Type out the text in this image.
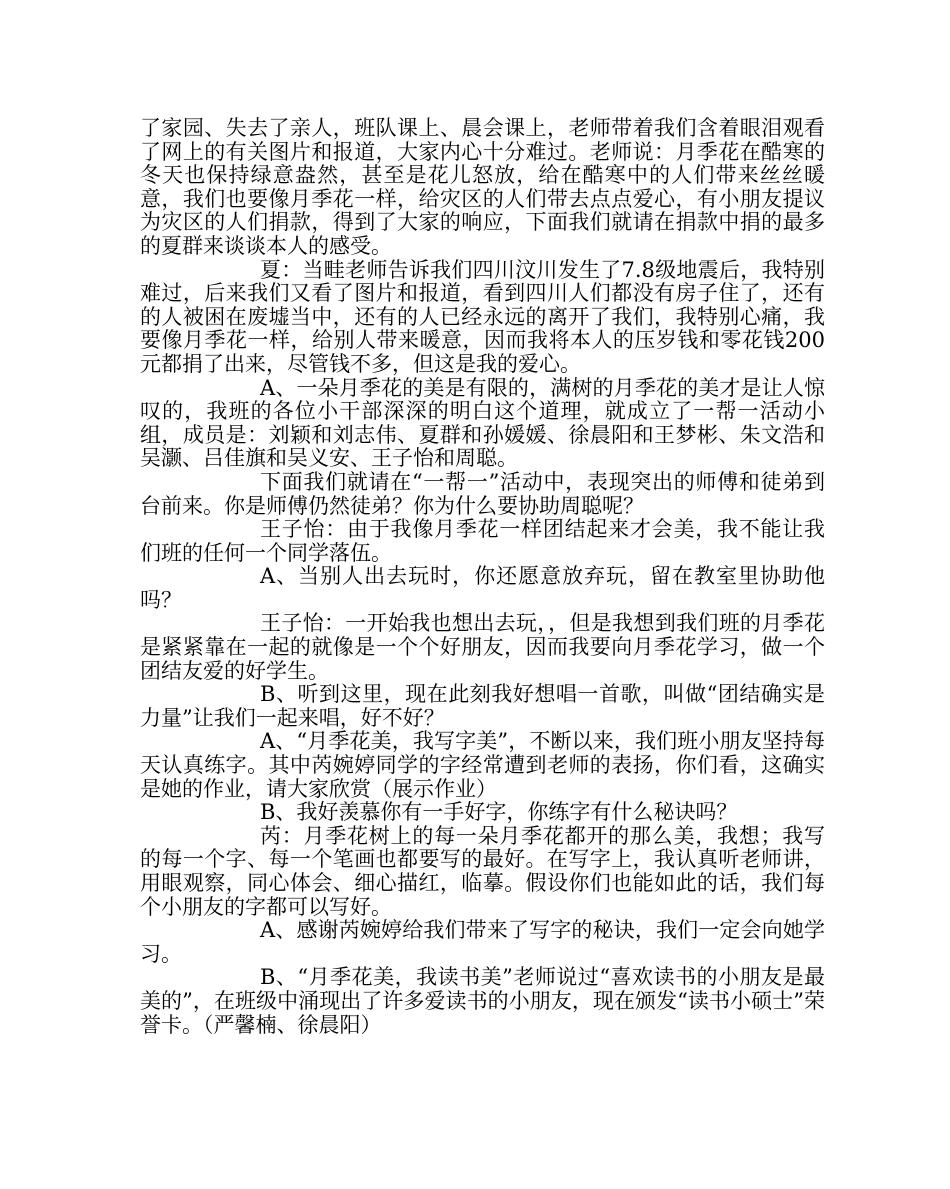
了家园、失去了亲人，班队课上、晨会课上，老师带着我们含着眼泪观看了网上的有关图片和报道，大家内心十分难过。老师说：月季花在酷寒的冬天也保持绿意盎然，甚至是花儿怒放，给在酷寒中的人们带来丝丝暖意，我们也要像月季花一样，给灾区的人们带去点点爱心，有小朋友提议为灾区的人们捐款，得到了大家的响应，下面我们就请在捐款中捐的最多的夏群来谈谈本人的感受。

夏：当畦老师告诉我们四川汶川发生了7.8级地震后，我特别难过，后来我们又看了图片和报道，看到四川人们都没有房子住了，还有的人被困在废墟当中，还有的人已经永远的离开了我们，我特别心痛，我要像月季花一样，给别人带来暖意，因而我将本人的压岁钱和零花钱200元都捐了出来，尽管钱不多，但这是我的爱心。

A、一朵月季花的美是有限的，满树的月季花的美才是让人惊叹的，我班的各位小干部深深的明白这个道理，就成立了一帮一活动小组，成员是：刘颖和刘志伟、夏群和孙媛媛、徐晨阳和王梦彬、朱文浩和吴灏、吕佳旗和吴义安、王子怡和周聪。

下面我们就请在“一帮一”活动中，表现突出的师傅和徒弟到台前来。你是师傅仍然徒弟？你为什么要协助周聪呢？

王子怡：由于我像月季花一样团结起来才会美，我不能让我们班的任何一个同学落伍。

A、当别人出去玩时，你还愿意放弃玩，留在教室里协助他吗？

王子怡：一开始我也想出去玩，，但是我想到我们班的月季花是紧紧靠在一起的就像是一个个好朋友，因而我要向月季花学习，做一个团结友爱的好学生。

B、听到这里，现在此刻我好想唱一首歌，叫做“团结确实是力量”让我们一起来唱，好不好？

A、“月季花美，我写字美”，不断以来，我们班小朋友坚持每天认真练字。其中芮婉婷同学的字经常遭到老师的表扬，你们看，这确实是她的作业，请大家欣赏（展示作业）

B、我好羡慕你有一手好字，你练字有什么秘诀吗？

芮：月季花树上的每一朵月季花都开的那么美，我想；我写的每一个字、每一个笔画也都要写的最好。在写字上，我认真听老师讲，用眼观察，同心体会、细心描红，临摹。假设你们也能如此的话，我们每个小朋友的字都可以写好。

A、感谢芮婉婷给我们带来了写字的秘诀，我们一定会向她学习。

B、“月季花美，我读书美”老师说过“喜欢读书的小朋友是最美的”，在班级中涌现出了许多爱读书的小朋友，现在颁发“读书小硕士”荣誉卡。（严馨楠、徐晨阳）
